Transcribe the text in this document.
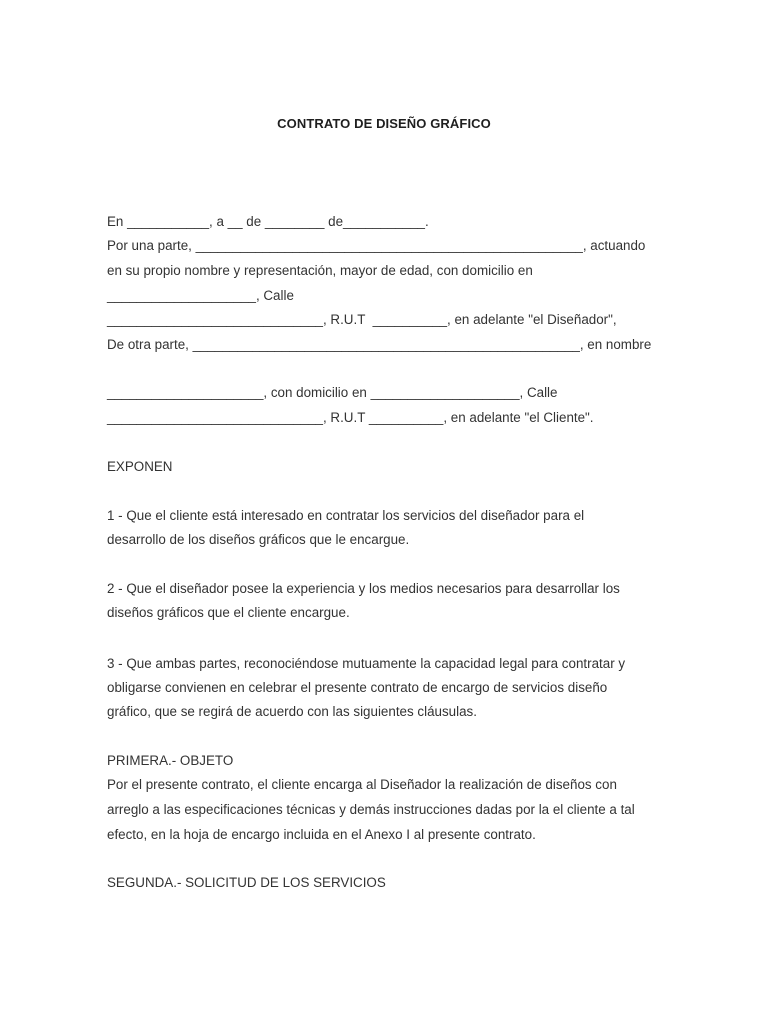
CONTRATO DE DISEÑO GRÁFICO
En ___________, a __ de ________ de___________.
Por una parte, ____________________________________________________, actuando
en su propio nombre y representación, mayor de edad, con domicilio en
____________________, Calle
_____________________________, R.U.T  __________, en adelante "el Diseñador",
De otra parte, ____________________________________________________, en nombre
_____________________, con domicilio en ____________________, Calle
_____________________________, R.U.T __________, en adelante "el Cliente".
EXPONEN
1 - Que el cliente está interesado en contratar los servicios del diseñador para el
desarrollo de los diseños gráficos que le encargue.
2 - Que el diseñador posee la experiencia y los medios necesarios para desarrollar los
diseños gráficos que el cliente encargue.
3 - Que ambas partes, reconociéndose mutuamente la capacidad legal para contratar y
obligarse convienen en celebrar el presente contrato de encargo de servicios diseño
gráfico, que se regirá de acuerdo con las siguientes cláusulas.
PRIMERA.- OBJETO
Por el presente contrato, el cliente encarga al Diseñador la realización de diseños con
arreglo a las especificaciones técnicas y demás instrucciones dadas por la el cliente a tal
efecto, en la hoja de encargo incluida en el Anexo I al presente contrato.
SEGUNDA.- SOLICITUD DE LOS SERVICIOS
